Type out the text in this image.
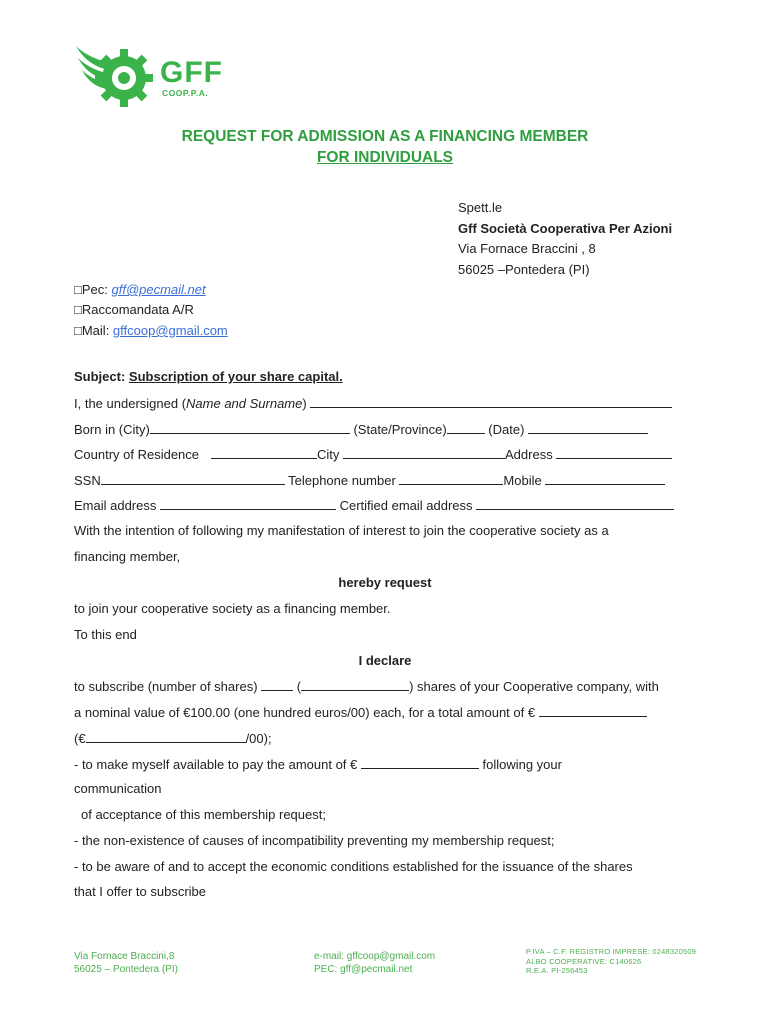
GFF
COOP.P.A.
REQUEST FOR ADMISSION AS A FINANCING MEMBER
FOR INDIVIDUALS
Spett.le
Gff Società Cooperativa Per Azioni
Via Fornace Braccini , 8
56025 –Pontedera (PI)
□Pec: gff@pecmail.net
□Raccomandata A/R
□Mail: gffcoop@gmail.com
Subject: Subscription of your share capital.
I, the undersigned (Name and Surname)
Born in (City)	(State/Province)	(Date)
Country of Residence	City	Address
SSN	Telephone number	Mobile
Email address	Certified email address
With the intention of following my manifestation of interest to join the cooperative society as a
financing member,
hereby request
to join your cooperative society as a financing member.
To this end
I declare
to subscribe (number of shares)  (	) shares of your Cooperative company, with
a nominal value of €100.00 (one hundred euros/00) each, for a total amount of €
(€	/00);
- to make myself available to pay the amount of €	following your
communication
of acceptance of this membership request;
- the non-existence of causes of incompatibility preventing my membership request;
- to be aware of and to accept the economic conditions established for the issuance of the shares
that I offer to subscribe
Via Fornace Braccini,8
56025 – Pontedera (PI)
e-mail: gffcoop@gmail.com
PEC: gff@pecmail.net
P.IVA – C.F. REGISTRO IMPRESE: 0248320509
ALBO COOPERATIVE: C140626
R.E.A. PI-256453
